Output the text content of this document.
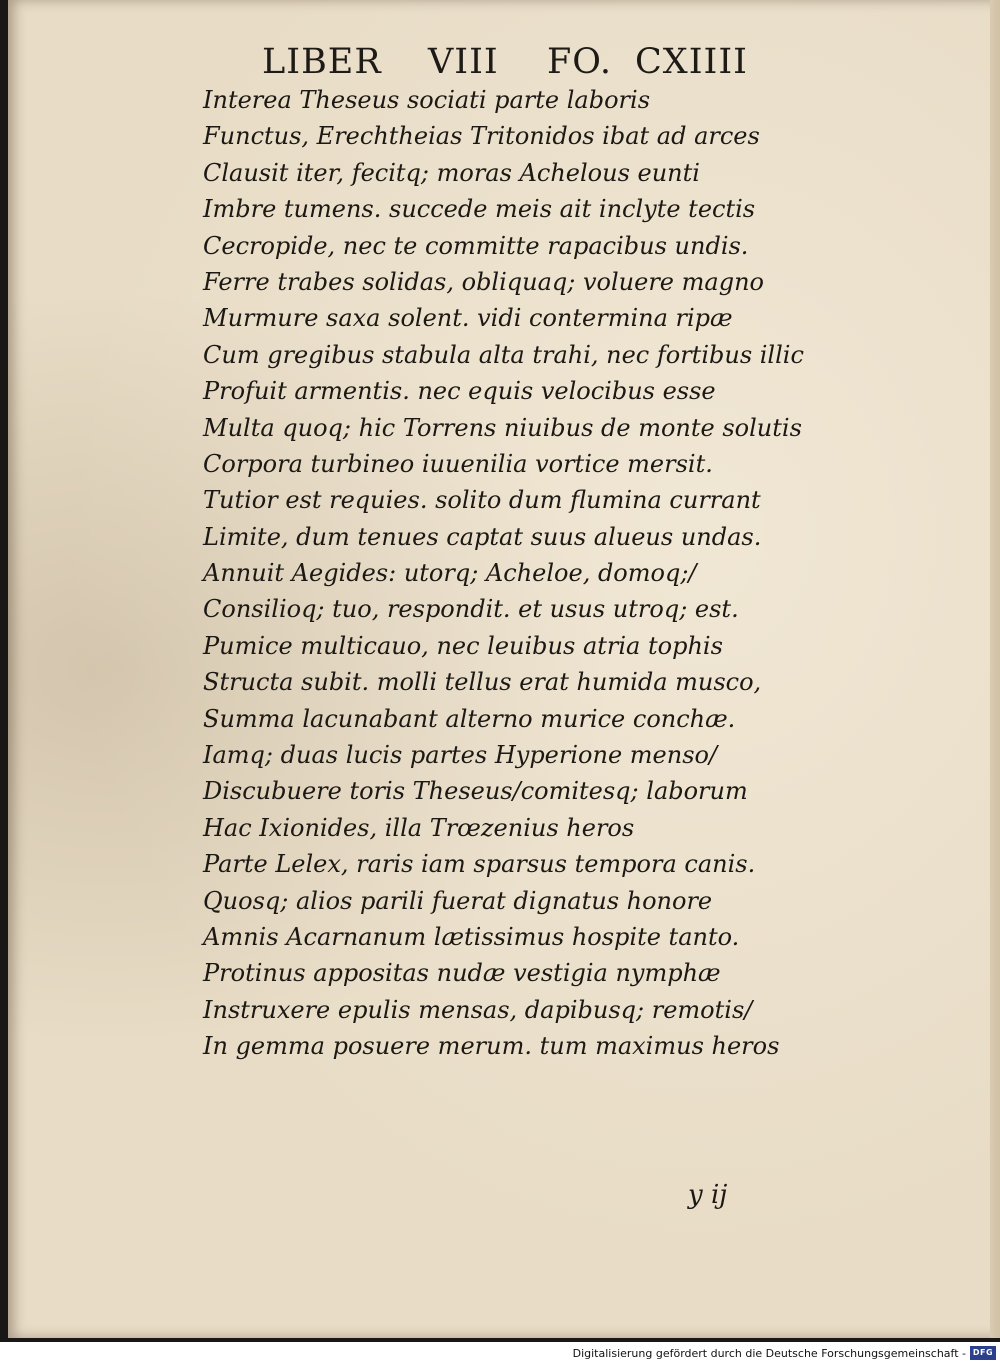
LIBER VIII FO. CXIIII
Interea Theseus sociati parte laboris
Functus, Erechtheias Tritonidos ibat ad arces
Clausit iter, fecitq; moras Achelous eunti
Imbre tumens. succede meis ait inclyte tectis
Cecropide, nec te committe rapacibus undis.
Ferre trabes solidas, obliquaq; voluere magno
Murmure saxa solent. vidi contermina ripæ
Cum gregibus stabula alta trahi, nec fortibus illic
Profuit armentis. nec equis velocibus esse
Multa quoq; hic Torrens niuibus de monte solutis
Corpora turbineo iuuenilia vortice mersit.
Tutior est requies. solito dum flumina currant
Limite, dum tenues captat suus alueus undas.
Annuit Aegides: utorq; Acheloe, domoq;/
Consilioq; tuo, respondit. et usus utroq; est.
Pumice multicauo, nec leuibus atria tophis
Structa subit. molli tellus erat humida musco,
Summa lacunabant alterno murice conchæ.
Iamq; duas lucis partes Hyperione menso/
Discubuere toris Theseus/comitesq; laborum
Hac Ixionides, illa Trœzenius heros
Parte Lelex, raris iam sparsus tempora canis.
Quosq; alios parili fuerat dignatus honore
Amnis Acarnanum lætissimus hospite tanto.
Protinus appositas nudæ vestigia nymphæ
Instruxere epulis mensas, dapibusq; remotis/
In gemma posuere merum. tum maximus heros
y ij
Digitalisierung gefördert durch die Deutsche Forschungsgemeinschaft - DFG
